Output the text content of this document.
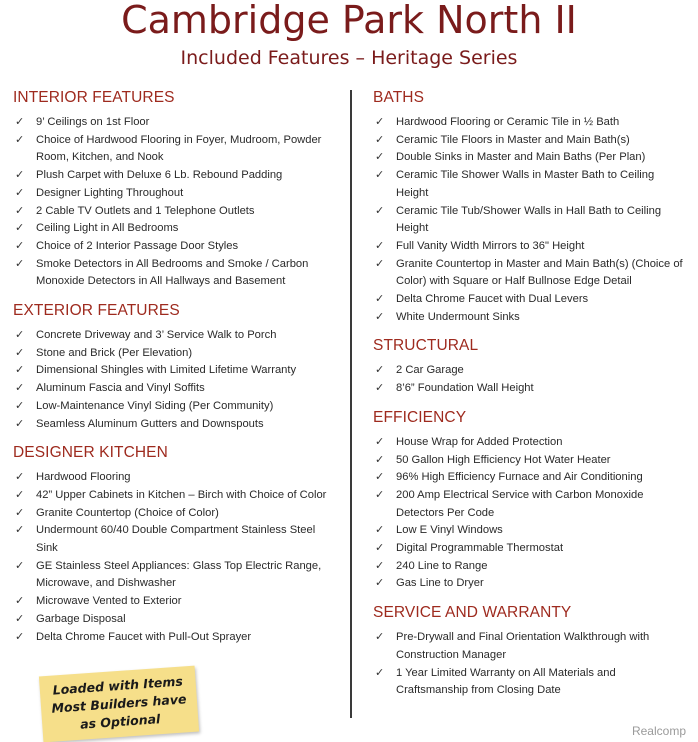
Cambridge Park North II
Included Features – Heritage Series
INTERIOR FEATURES
✓ 9’ Ceilings on 1st Floor
✓ Choice of Hardwood Flooring in Foyer, Mudroom, Powder Room, Kitchen, and Nook
✓ Plush Carpet with Deluxe 6 Lb. Rebound Padding
✓ Designer Lighting Throughout
✓ 2 Cable TV Outlets and 1 Telephone Outlets
✓ Ceiling Light in All Bedrooms
✓ Choice of 2 Interior Passage Door Styles
✓ Smoke Detectors in All Bedrooms and Smoke / Carbon Monoxide Detectors in All Hallways and Basement
EXTERIOR FEATURES
✓ Concrete Driveway and 3’ Service Walk to Porch
✓ Stone and Brick (Per Elevation)
✓ Dimensional Shingles with Limited Lifetime Warranty
✓ Aluminum Fascia and Vinyl Soffits
✓ Low-Maintenance Vinyl Siding (Per Community)
✓ Seamless Aluminum Gutters and Downspouts
DESIGNER KITCHEN
✓ Hardwood Flooring
✓ 42” Upper Cabinets in Kitchen – Birch with Choice of Color
✓ Granite Countertop (Choice of Color)
✓ Undermount 60/40 Double Compartment Stainless Steel Sink
✓ GE Stainless Steel Appliances: Glass Top Electric Range, Microwave, and Dishwasher
✓ Microwave Vented to Exterior
✓ Garbage Disposal
✓ Delta Chrome Faucet with Pull-Out Sprayer
BATHS
✓ Hardwood Flooring or Ceramic Tile in ½ Bath
✓ Ceramic Tile Floors in Master and Main Bath(s)
✓ Double Sinks in Master and Main Baths (Per Plan)
✓ Ceramic Tile Shower Walls in Master Bath to Ceiling Height
✓ Ceramic Tile Tub/Shower Walls in Hall Bath to Ceiling Height
✓ Full Vanity Width Mirrors to 36" Height
✓ Granite Countertop in Master and Main Bath(s) (Choice of Color) with Square or Half Bullnose Edge Detail
✓ Delta Chrome Faucet with Dual Levers
✓ White Undermount Sinks
STRUCTURAL
✓ 2 Car Garage
✓ 8’6” Foundation Wall Height
EFFICIENCY
✓ House Wrap for Added Protection
✓ 50 Gallon High Efficiency Hot Water Heater
✓ 96% High Efficiency Furnace and Air Conditioning
✓ 200 Amp Electrical Service with Carbon Monoxide Detectors Per Code
✓ Low E Vinyl Windows
✓ Digital Programmable Thermostat
✓ 240 Line to Range
✓ Gas Line to Dryer
SERVICE AND WARRANTY
✓ Pre-Drywall and Final Orientation Walkthrough with Construction Manager
✓ 1 Year Limited Warranty on All Materials and Craftsmanship from Closing Date
Loaded with Items
Most Builders have
as Optional	Realcomp
